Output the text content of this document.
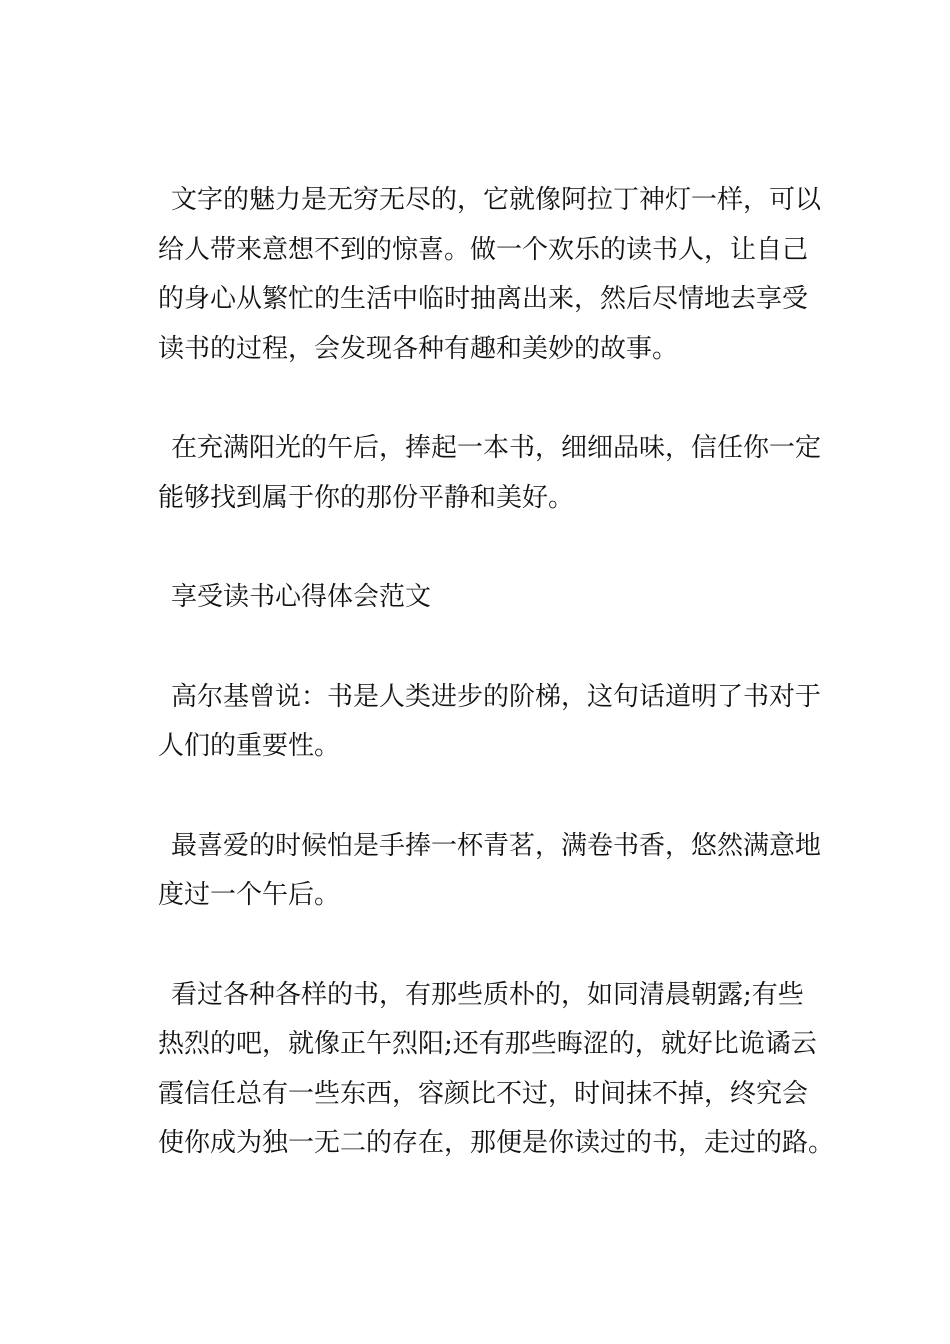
文字的魅力是无穷无尽的，它就像阿拉丁神灯一样，可以
给人带来意想不到的惊喜。做一个欢乐的读书人，让自己
的身心从繁忙的生活中临时抽离出来，然后尽情地去享受
读书的过程，会发现各种有趣和美妙的故事。
在充满阳光的午后，捧起一本书，细细品味，信任你一定
能够找到属于你的那份平静和美好。
享受读书心得体会范文
高尔基曾说：书是人类进步的阶梯，这句话道明了书对于
人们的重要性。
最喜爱的时候怕是手捧一杯青茗，满卷书香，悠然满意地
度过一个午后。
看过各种各样的书，有那些质朴的，如同清晨朝露;有些
热烈的吧，就像正午烈阳;还有那些晦涩的，就好比诡谲云
霞信任总有一些东西，容颜比不过，时间抹不掉，终究会
使你成为独一无二的存在，那便是你读过的书，走过的路。
